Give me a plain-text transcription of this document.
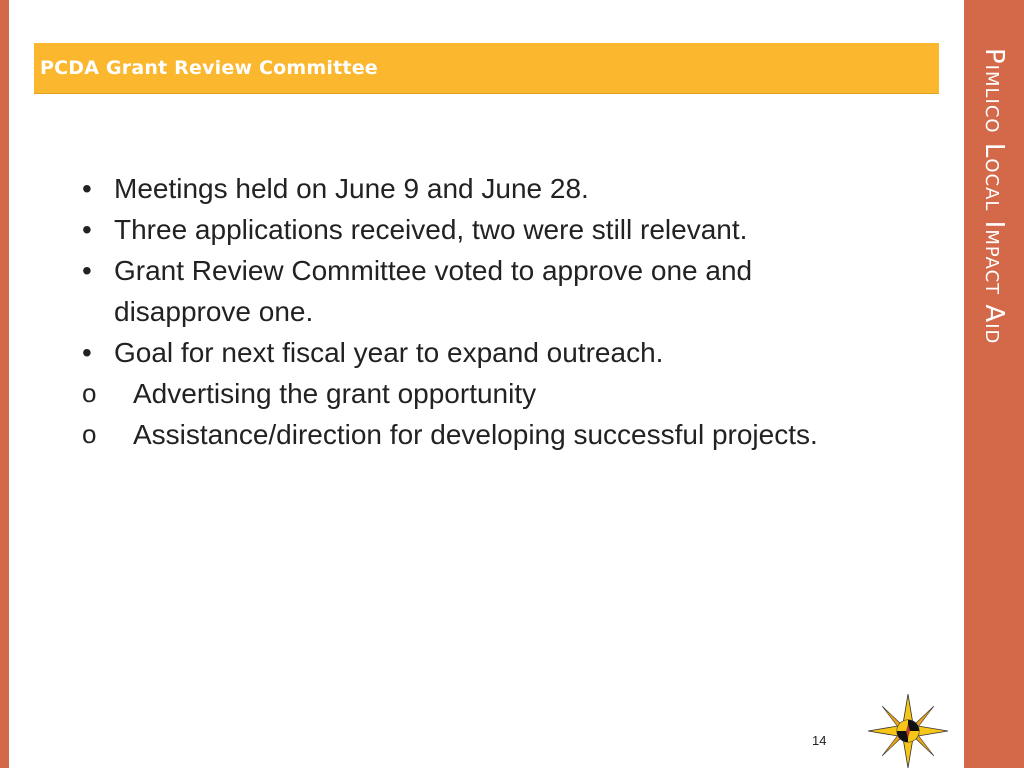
Pimlico Local Impact Aid
PCDA Grant Review Committee
• Meetings held on June 9 and June 28.
• Three applications received, two were still relevant.
• Grant Review Committee voted to approve one and
disapprove one.
• Goal for next fiscal year to expand outreach.
o	Advertising the grant opportunity
o	Assistance/direction for developing successful projects.
14
